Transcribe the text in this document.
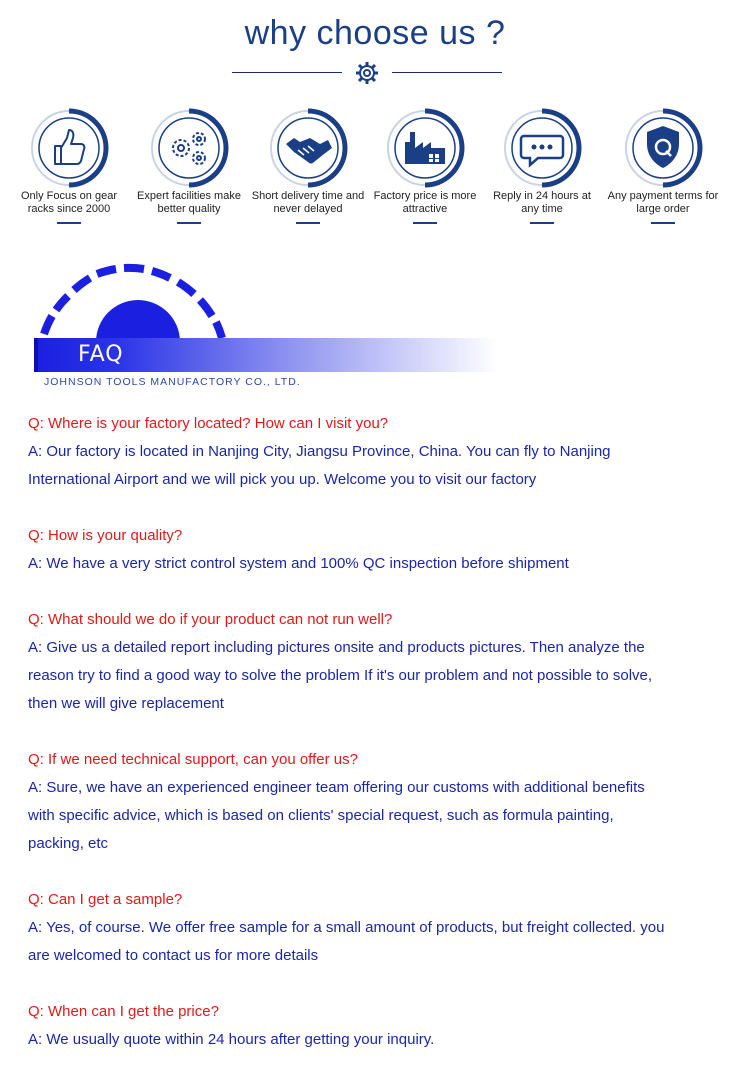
why choose us ?
Only Focus on gear racks since 2000
Expert facilities make better quality
Short delivery time and never delayed
Factory price is more attractive
Reply in 24 hours at any time
Any payment terms for large order
FAQ
JOHNSON TOOLS MANUFACTORY CO., LTD.
Q: Where is your factory located? How can I visit you?
A: Our factory is located in Nanjing City, Jiangsu Province, China. You can fly to Nanjing
International Airport and we will pick you up. Welcome you to visit our factory
Q: How is your quality?
A: We have a very strict control system and 100% QC inspection before shipment
Q: What should we do if your product can not run well?
A: Give us a detailed report including pictures onsite and products pictures. Then analyze the
reason try to find a good way to solve the problem If it's our problem and not possible to solve,
then we will give replacement
Q: If we need technical support, can you offer us?
A: Sure, we have an experienced engineer team offering our customs with additional benefits
with specific advice, which is based on clients' special request, such as formula painting,
packing, etc
Q: Can I get a sample?
A: Yes, of course. We offer free sample for a small amount of products, but freight collected. you
are welcomed to contact us for more details
Q: When can I get the price?
A: We usually quote within 24 hours after getting your inquiry.
